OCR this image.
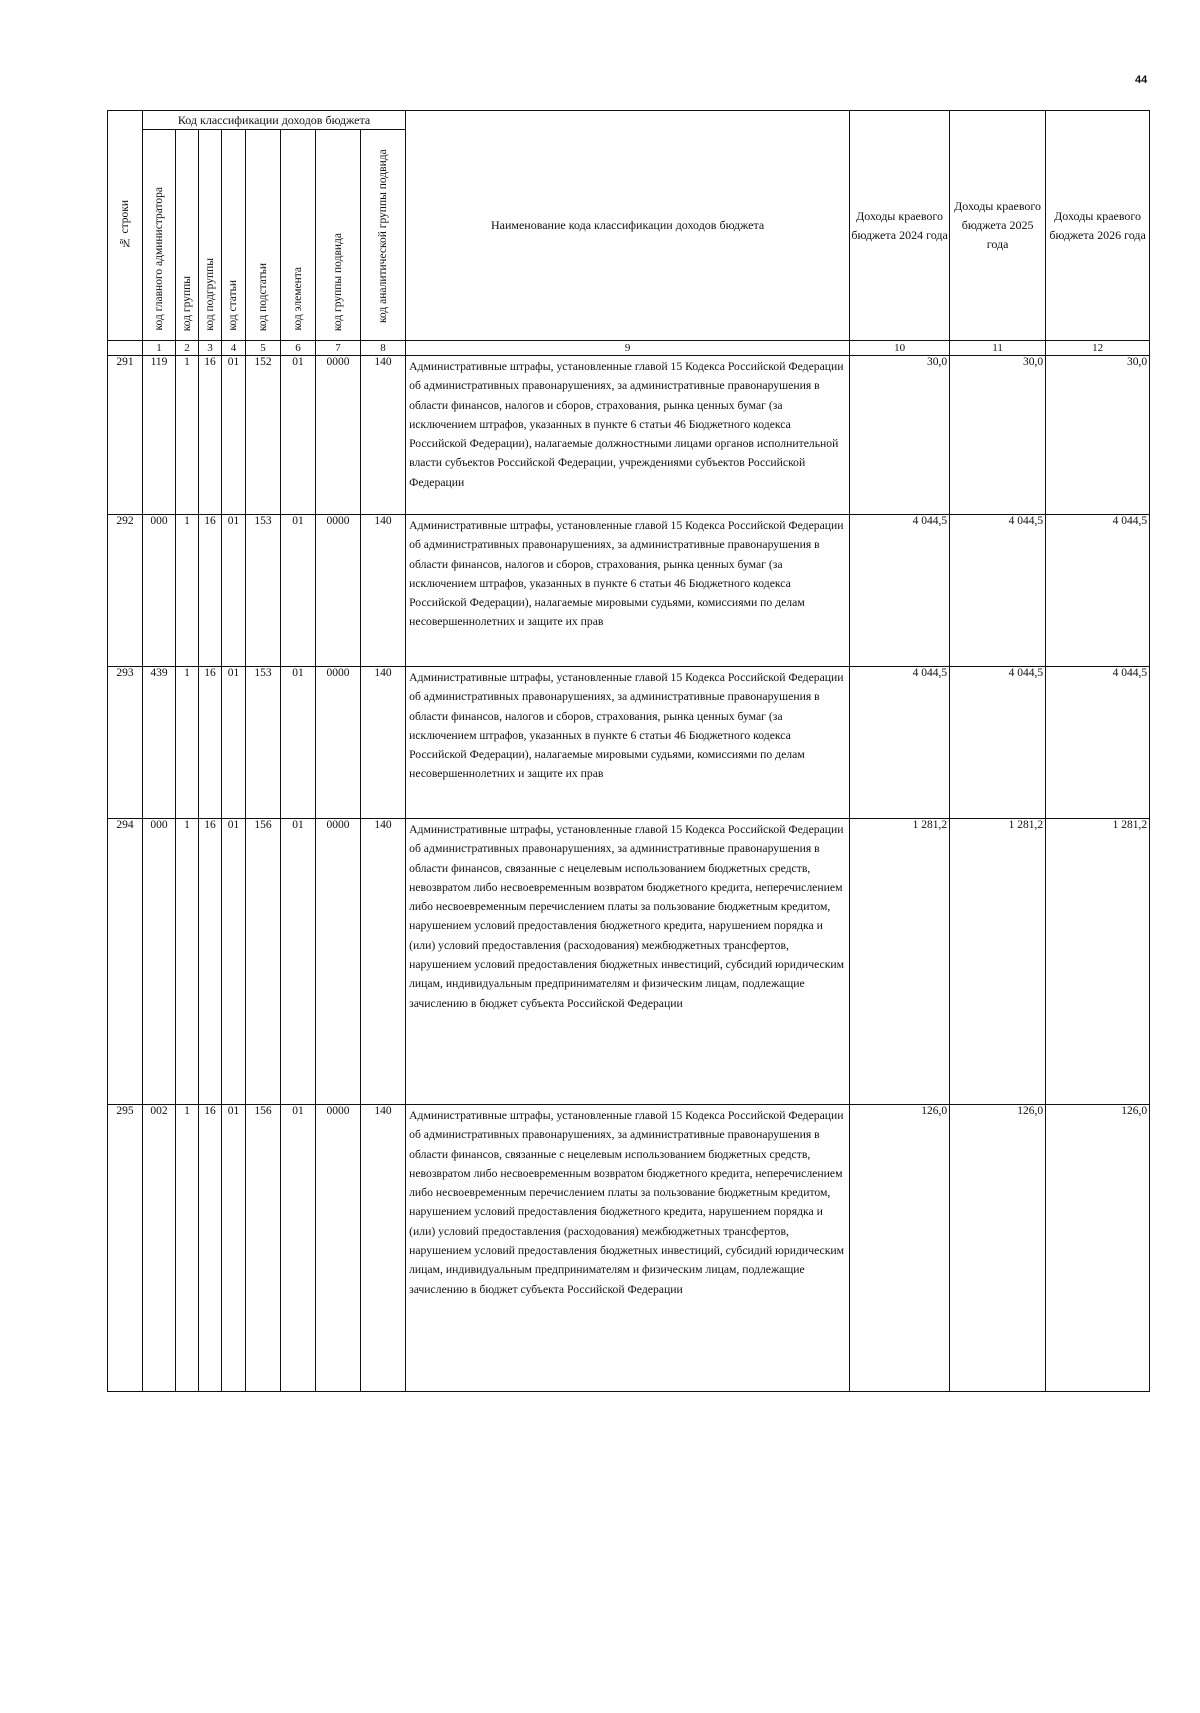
44
№ строки	Код классификации доходов бюджета								Наименование кода классификации доходов бюджета	Доходы краевого бюджета 2024 года	Доходы краевого бюджета 2025 года	Доходы краевого бюджета 2026 года
	код главного администратора	код группы	код подгруппы	код статьи	код подстатьи	код элемента	код группы подвида	код аналитической группы подвида				
	1	2	3	4	5	6	7	8	9	10	11	12
291	119	1	16	01	152	01	0000	140	Административные штрафы, установленные главой 15 Кодекса Российской Федерации об административных правонарушениях, за административные правонарушения в области финансов, налогов и сборов, страхования, рынка ценных бумаг (за исключением штрафов, указанных в пункте 6 статьи 46 Бюджетного кодекса Российской Федерации), налагаемые должностными лицами органов исполнительной власти субъектов Российской Федерации, учреждениями субъектов Российской Федерации	30,0	30,0	30,0
292	000	1	16	01	153	01	0000	140	Административные штрафы, установленные главой 15 Кодекса Российской Федерации об административных правонарушениях, за административные правонарушения в области финансов, налогов и сборов, страхования, рынка ценных бумаг (за исключением штрафов, указанных в пункте 6 статьи 46 Бюджетного кодекса Российской Федерации), налагаемые мировыми судьями, комиссиями по делам несовершеннолетних и защите их прав	4 044,5	4 044,5	4 044,5
293	439	1	16	01	153	01	0000	140	Административные штрафы, установленные главой 15 Кодекса Российской Федерации об административных правонарушениях, за административные правонарушения в области финансов, налогов и сборов, страхования, рынка ценных бумаг (за исключением штрафов, указанных в пункте 6 статьи 46 Бюджетного кодекса Российской Федерации), налагаемые мировыми судьями, комиссиями по делам несовершеннолетних и защите их прав	4 044,5	4 044,5	4 044,5
294	000	1	16	01	156	01	0000	140	Административные штрафы, установленные главой 15 Кодекса Российской Федерации об административных правонарушениях, за административные правонарушения в области финансов, связанные с нецелевым использованием бюджетных средств, невозвратом либо несвоевременным возвратом бюджетного кредита, неперечислением либо несвоевременным перечислением платы за пользование бюджетным кредитом, нарушением условий предоставления бюджетного кредита, нарушением порядка и (или) условий предоставления (расходования) межбюджетных трансфертов, нарушением условий предоставления бюджетных инвестиций, субсидий юридическим лицам, индивидуальным предпринимателям и физическим лицам, подлежащие зачислению в бюджет субъекта Российской Федерации	1 281,2	1 281,2	1 281,2
295	002	1	16	01	156	01	0000	140	Административные штрафы, установленные главой 15 Кодекса Российской Федерации об административных правонарушениях, за административные правонарушения в области финансов, связанные с нецелевым использованием бюджетных средств, невозвратом либо несвоевременным возвратом бюджетного кредита, неперечислением либо несвоевременным перечислением платы за пользование бюджетным кредитом, нарушением условий предоставления бюджетного кредита, нарушением порядка и (или) условий предоставления (расходования) межбюджетных трансфертов, нарушением условий предоставления бюджетных инвестиций, субсидий юридическим лицам, индивидуальным предпринимателям и физическим лицам, подлежащие зачислению в бюджет субъекта Российской Федерации	126,0	126,0	126,0
